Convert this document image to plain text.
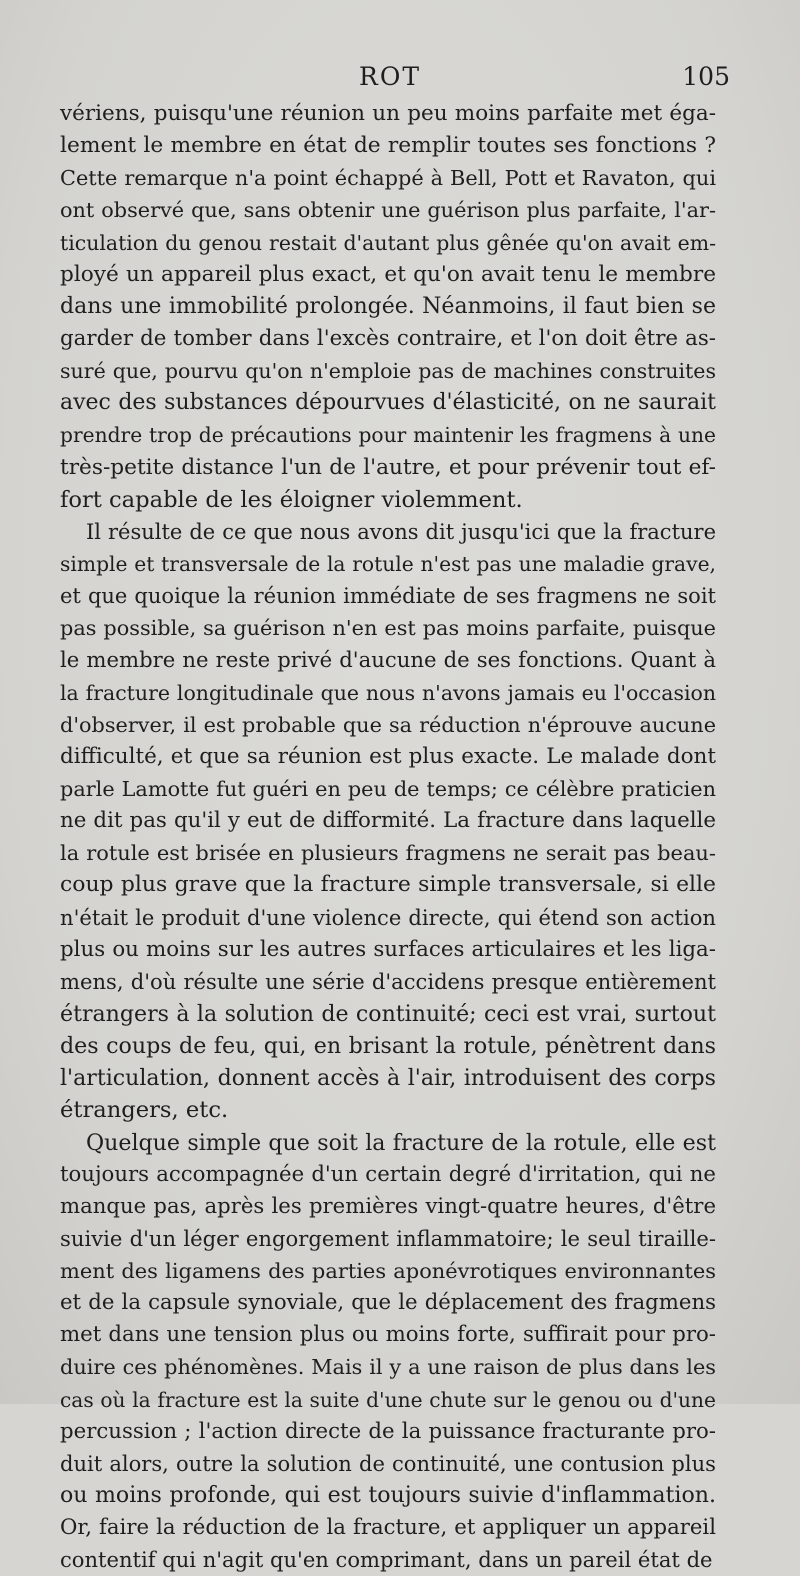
ROT	105
vériens, puisqu'une réunion un peu moins parfaite met éga-
lement le membre en état de remplir toutes ses fonctions ?
Cette remarque n'a point échappé à Bell, Pott et Ravaton, qui
ont observé que, sans obtenir une guérison plus parfaite, l'ar-
ticulation du genou restait d'autant plus gênée qu'on avait em-
ployé un appareil plus exact, et qu'on avait tenu le membre
dans une immobilité prolongée. Néanmoins, il faut bien se
garder de tomber dans l'excès contraire, et l'on doit être as-
suré que, pourvu qu'on n'emploie pas de machines construites
avec des substances dépourvues d'élasticité, on ne saurait
prendre trop de précautions pour maintenir les fragmens à une
très-petite distance l'un de l'autre, et pour prévenir tout ef-
fort capable de les éloigner violemment.
Il résulte de ce que nous avons dit jusqu'ici que la fracture
simple et transversale de la rotule n'est pas une maladie grave,
et que quoique la réunion immédiate de ses fragmens ne soit
pas possible, sa guérison n'en est pas moins parfaite, puisque
le membre ne reste privé d'aucune de ses fonctions. Quant à
la fracture longitudinale que nous n'avons jamais eu l'occasion
d'observer, il est probable que sa réduction n'éprouve aucune
difficulté, et que sa réunion est plus exacte. Le malade dont
parle Lamotte fut guéri en peu de temps; ce célèbre praticien
ne dit pas qu'il y eut de difformité. La fracture dans laquelle
la rotule est brisée en plusieurs fragmens ne serait pas beau-
coup plus grave que la fracture simple transversale, si elle
n'était le produit d'une violence directe, qui étend son action
plus ou moins sur les autres surfaces articulaires et les liga-
mens, d'où résulte une série d'accidens presque entièrement
étrangers à la solution de continuité; ceci est vrai, surtout
des coups de feu, qui, en brisant la rotule, pénètrent dans
l'articulation, donnent accès à l'air, introduisent des corps
étrangers, etc.
Quelque simple que soit la fracture de la rotule, elle est
toujours accompagnée d'un certain degré d'irritation, qui ne
manque pas, après les premières vingt-quatre heures, d'être
suivie d'un léger engorgement inflammatoire; le seul tiraille-
ment des ligamens des parties aponévrotiques environnantes
et de la capsule synoviale, que le déplacement des fragmens
met dans une tension plus ou moins forte, suffirait pour pro-
duire ces phénomènes. Mais il y a une raison de plus dans les
cas où la fracture est la suite d'une chute sur le genou ou d'une
percussion ; l'action directe de la puissance fracturante pro-
duit alors, outre la solution de continuité, une contusion plus
ou moins profonde, qui est toujours suivie d'inflammation.
Or, faire la réduction de la fracture, et appliquer un appareil
contentif qui n'agit qu'en comprimant, dans un pareil état de
